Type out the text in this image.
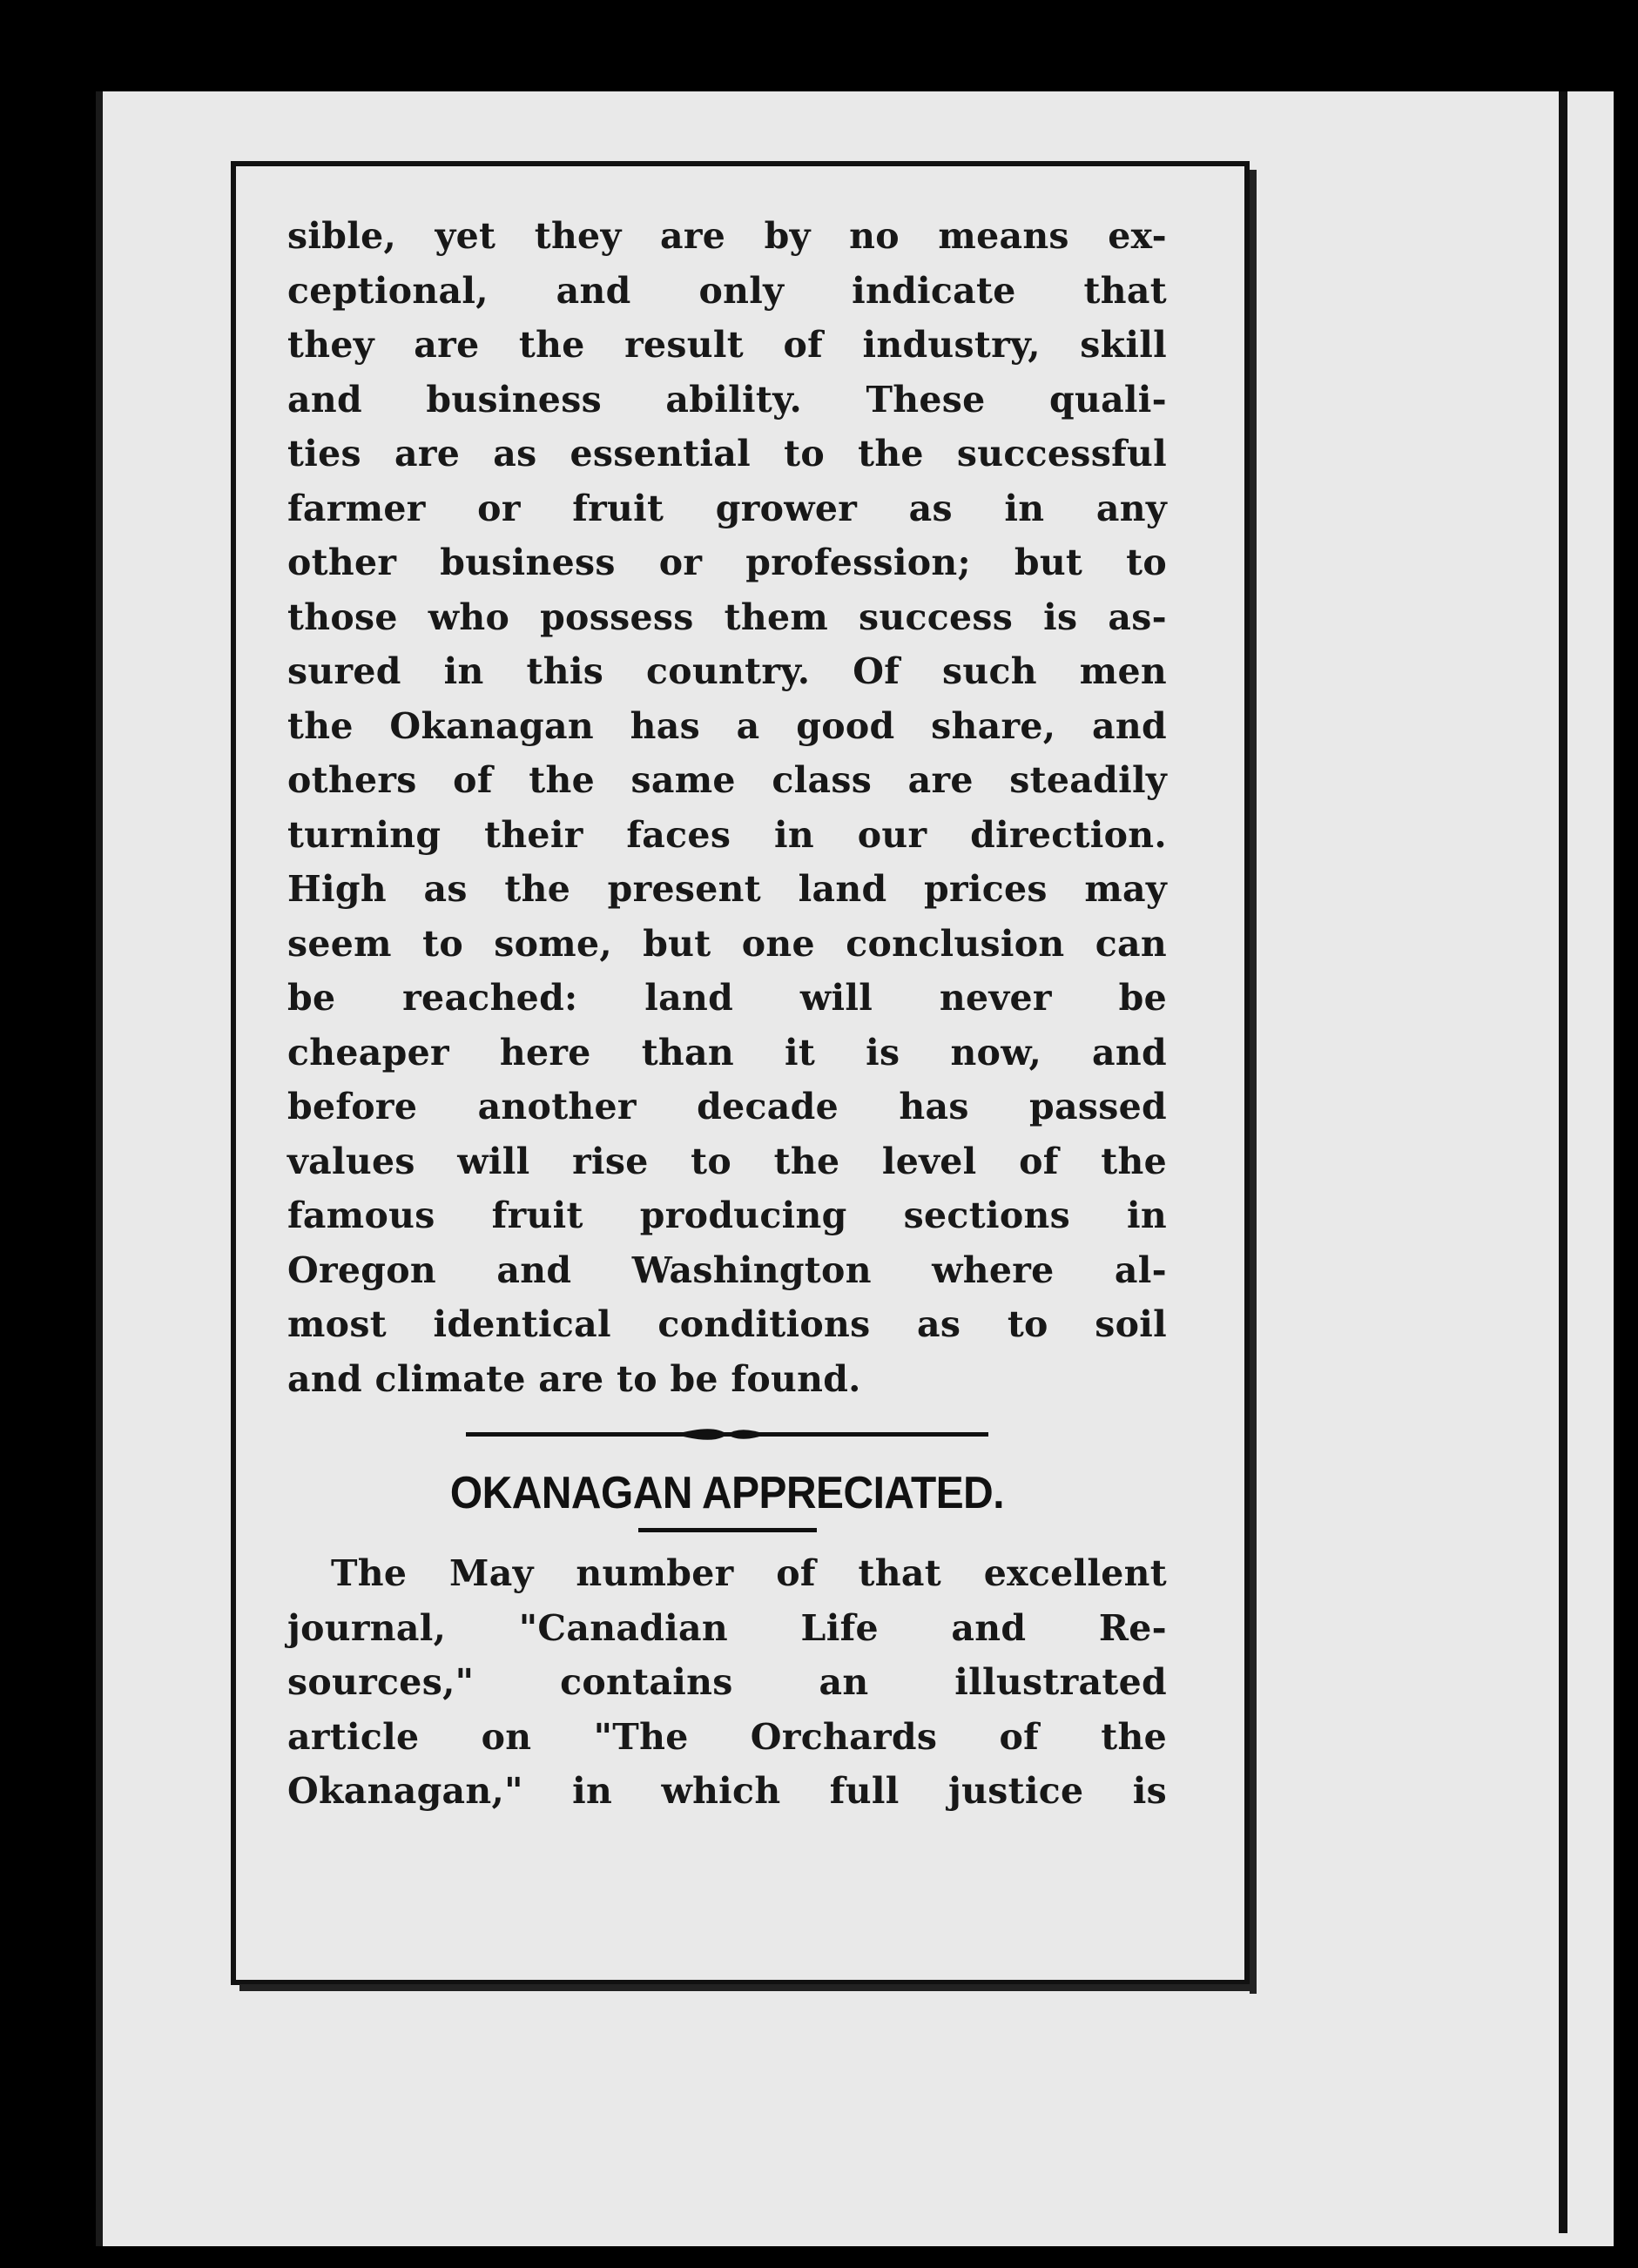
sible, yet they are by no means ex-
ceptional, and only indicate that
they are the result of industry, skill
and business ability. These quali-
ties are as essential to the successful
farmer or fruit grower as in any
other business or profession; but to
those who possess them success is as-
sured in this country. Of such men
the Okanagan has a good share, and
others of the same class are steadily
turning their faces in our direction.
High as the present land prices may
seem to some, but one conclusion can
be reached: land will never be
cheaper here than it is now, and
before another decade has passed
values will rise to the level of the
famous fruit producing sections in
Oregon and Washington where al-
most identical conditions as to soil
and climate are to be found.
OKANAGAN APPRECIATED.
The May number of that excellent
journal, "Canadian Life and Re-
sources," contains an illustrated
article on "The Orchards of the
Okanagan," in which full justice is
